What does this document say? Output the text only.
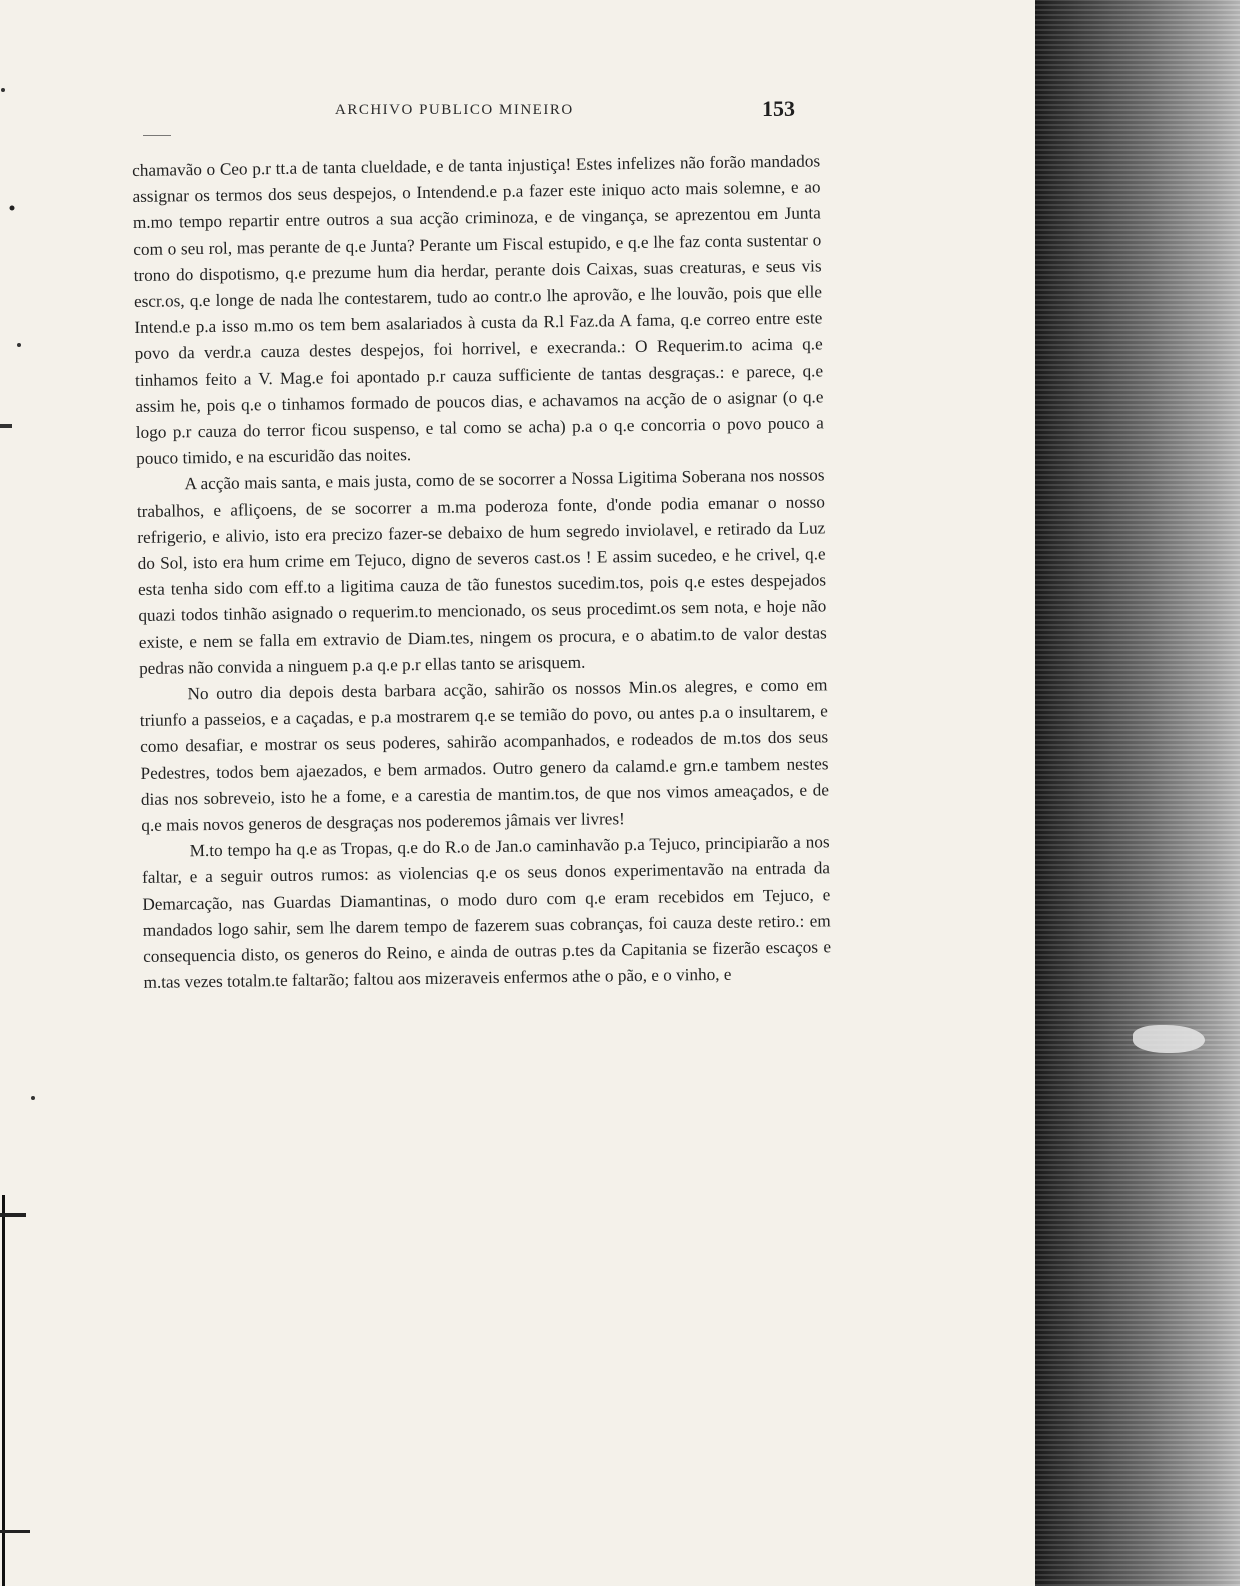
ARCHIVO PUBLICO MINEIRO	153

chamavão o Ceo p.r tt.a de tanta clueldade, e de tanta injustiça! Estes infelizes não forão mandados assignar os termos dos seus despejos, o Intendend.e p.a fazer este iniquo acto mais solemne, e ao m.mo tempo repartir entre outros a sua acção criminoza, e de vingança, se aprezentou em Junta com o seu rol, mas perante de q.e Junta? Perante um Fiscal estupido, e q.e lhe faz conta sustentar o trono do dispotismo, q.e prezume hum dia herdar, perante dois Caixas, suas creaturas, e seus vis escr.os, q.e longe de nada lhe contestarem, tudo ao contr.o lhe aprovão, e lhe louvão, pois que elle Intend.e p.a isso m.mo os tem bem asalariados à custa da R.l Faz.da A fama, q.e correo entre este povo da verdr.a cauza destes despejos, foi horrivel, e execranda.: O Requerim.to acima q.e tinhamos feito a V. Mag.e foi apontado p.r cauza sufficiente de tantas desgraças.: e parece, q.e assim he, pois q.e o tinhamos formado de poucos dias, e achavamos na acção de o asignar (o q.e logo p.r cauza do terror ficou suspenso, e tal como se acha) p.a o q.e concorria o povo pouco a pouco timido, e na escuridão das noites.

A acção mais santa, e mais justa, como de se socorrer a Nossa Ligitima Soberana nos nossos trabalhos, e afliçoens, de se socorrer a m.ma poderoza fonte, d'onde podia emanar o nosso refrigerio, e alivio, isto era precizo fazer-se debaixo de hum segredo inviolavel, e retirado da Luz do Sol, isto era hum crime em Tejuco, digno de severos cast.os ! E assim sucedeo, e he crivel, q.e esta tenha sido com eff.to a ligitima cauza de tão funestos sucedim.tos, pois q.e estes despejados quazi todos tinhão asignado o requerim.to mencionado, os seus procedimt.os sem nota, e hoje não existe, e nem se falla em extravio de Diam.tes, ningem os procura, e o abatim.to de valor destas pedras não convida a ninguem p.a q.e p.r ellas tanto se arisquem.

No outro dia depois desta barbara acção, sahirão os nossos Min.os alegres, e como em triunfo a passeios, e a caçadas, e p.a mostrarem q.e se temião do povo, ou antes p.a o insultarem, e como desafiar, e mostrar os seus poderes, sahirão acompanhados, e rodeados de m.tos dos seus Pedestres, todos bem ajaezados, e bem armados. Outro genero da calamd.e grn.e tambem nestes dias nos sobreveio, isto he a fome, e a carestia de mantim.tos, de que nos vimos ameaçados, e de q.e mais novos generos de desgraças nos poderemos jâmais ver livres!

M.to tempo ha q.e as Tropas, q.e do R.o de Jan.o caminhavão p.a Tejuco, principiarão a nos faltar, e a seguir outros rumos: as violencias q.e os seus donos experimentavão na entrada da Demarcação, nas Guardas Diamantinas, o modo duro com q.e eram recebidos em Tejuco, e mandados logo sahir, sem lhe darem tempo de fazerem suas cobranças, foi cauza deste retiro.: em consequencia disto, os generos do Reino, e ainda de outras p.tes da Capitania se fizerão escaços e m.tas vezes totalm.te faltarão; faltou aos mizeraveis enfermos athe o pão, e o vinho, e
